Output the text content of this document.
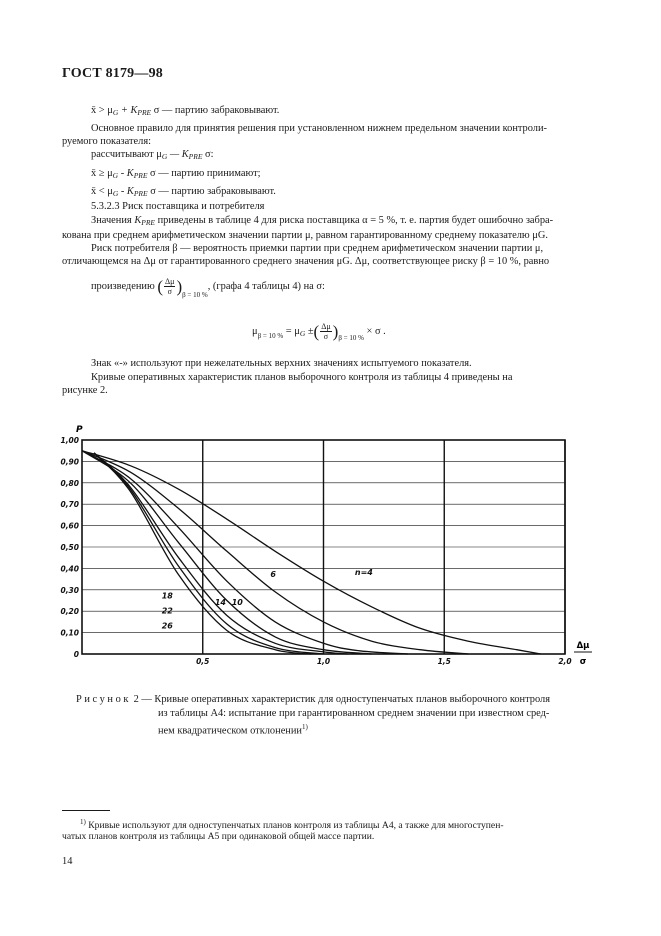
ГОСТ 8179—98
x̄ > $\mu_G + K_{PRE}$ σ — партию забраковывают.
Основное правило для принятия решения при установленном нижнем предельном значении контроли-
руемого показателя:
рассчитывают $\mu_G$ — $K_{PRE}$ σ:
x̄ ≥ $\mu_G - K_{PRE}$ σ — партию принимают;
x̄ < $\mu_G - K_{PRE}$ σ — партию забраковывают.
5.3.2.3 Риск поставщика и потребителя
Значения $K_{PRE}$ приведены в таблице 4 для риска поставщика α = 5 %, т. е. партия будет ошибочно забра-
кована при среднем арифметическом значении партии μ, равном гарантированному среднему показателю μG.
Риск потребителя β — вероятность приемки партии при среднем арифметическом значении партии μ,
отличающемся на Δμ от гарантированного среднего значения μG. Δμ, соответствующее риску β = 10 %, равно
произведению ( $\frac{\Delta\mu}{\sigma} )_{\beta = 10 \%}$, (графа 4 таблицы 4) на σ:
$\mu_{\beta = 10 \%} = \mu_G$ ±( $\frac{\Delta\mu}{\sigma} )_{\beta = 10 \%} \times \sigma$ .
Знак «-» используют при нежелательных верхних значениях испытуемого показателя.
Кривые оперативных характеристик планов выборочного контроля из таблицы 4 приведены на
рисунке 2.
1,00
0,90
0,80
0,70
0,60
0,50
0,40
0,30
0,20
0,10
0
0,5	1,0	1,5	2,0
n=4
6
10
14
18
22
26
P
Δμ
σ
Рисунок 2 — Кривые оперативных характеристик для одноступенчатых планов выборочного контроля
из таблицы А4: испытание при гарантированном среднем значении при известном сред-
нем квадратическом отклонении$^{1)}$
$^{1)}$ Кривые используют для одноступенчатых планов контроля из таблицы А4, а также для многоступен-
чатых планов контроля из таблицы А5 при одинаковой общей массе партии.
14
